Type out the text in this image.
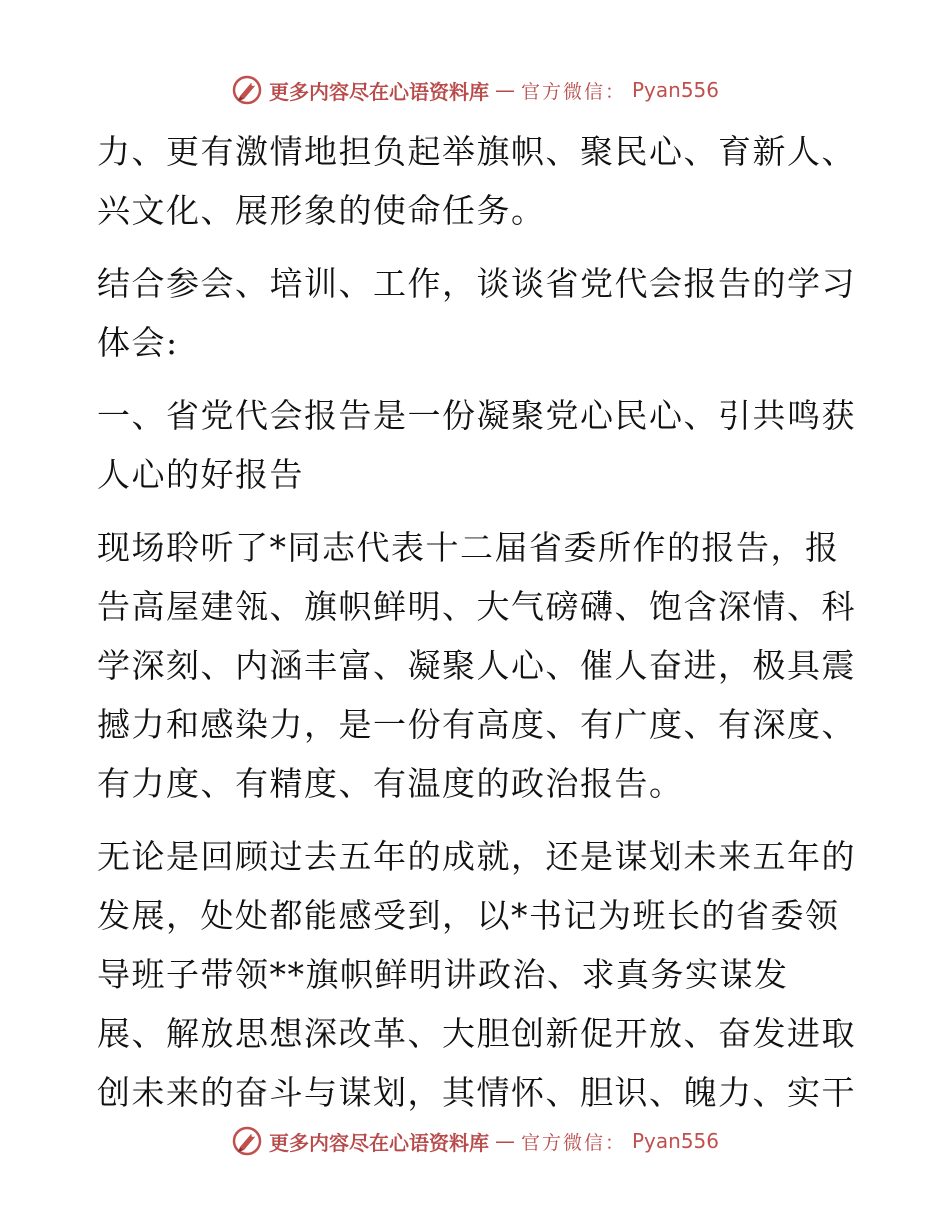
更多内容尽在心语资料库 — 官方微信： Pyan556

力、更有激情地担负起举旗帜、聚民心、育新人、兴文化、展形象的使命任务。

结合参会、培训、工作，谈谈省党代会报告的学习体会:

一、省党代会报告是一份凝聚党心民心、引共鸣获人心的好报告

现场聆听了*同志代表十二届省委所作的报告，报告高屋建瓴、旗帜鲜明、大气磅礴、饱含深情、科学深刻、内涵丰富、凝聚人心、催人奋进，极具震撼力和感染力，是一份有高度、有广度、有深度、有力度、有精度、有温度的政治报告。

无论是回顾过去五年的成就，还是谋划未来五年的发展，处处都能感受到，以*书记为班长的省委领导班子带领**旗帜鲜明讲政治、求真务实谋发展、解放思想深改革、大胆创新促开放、奋发进取创未来的奋斗与谋划，其情怀、胆识、魄力、实干

更多内容尽在心语资料库 — 官方微信： Pyan556
